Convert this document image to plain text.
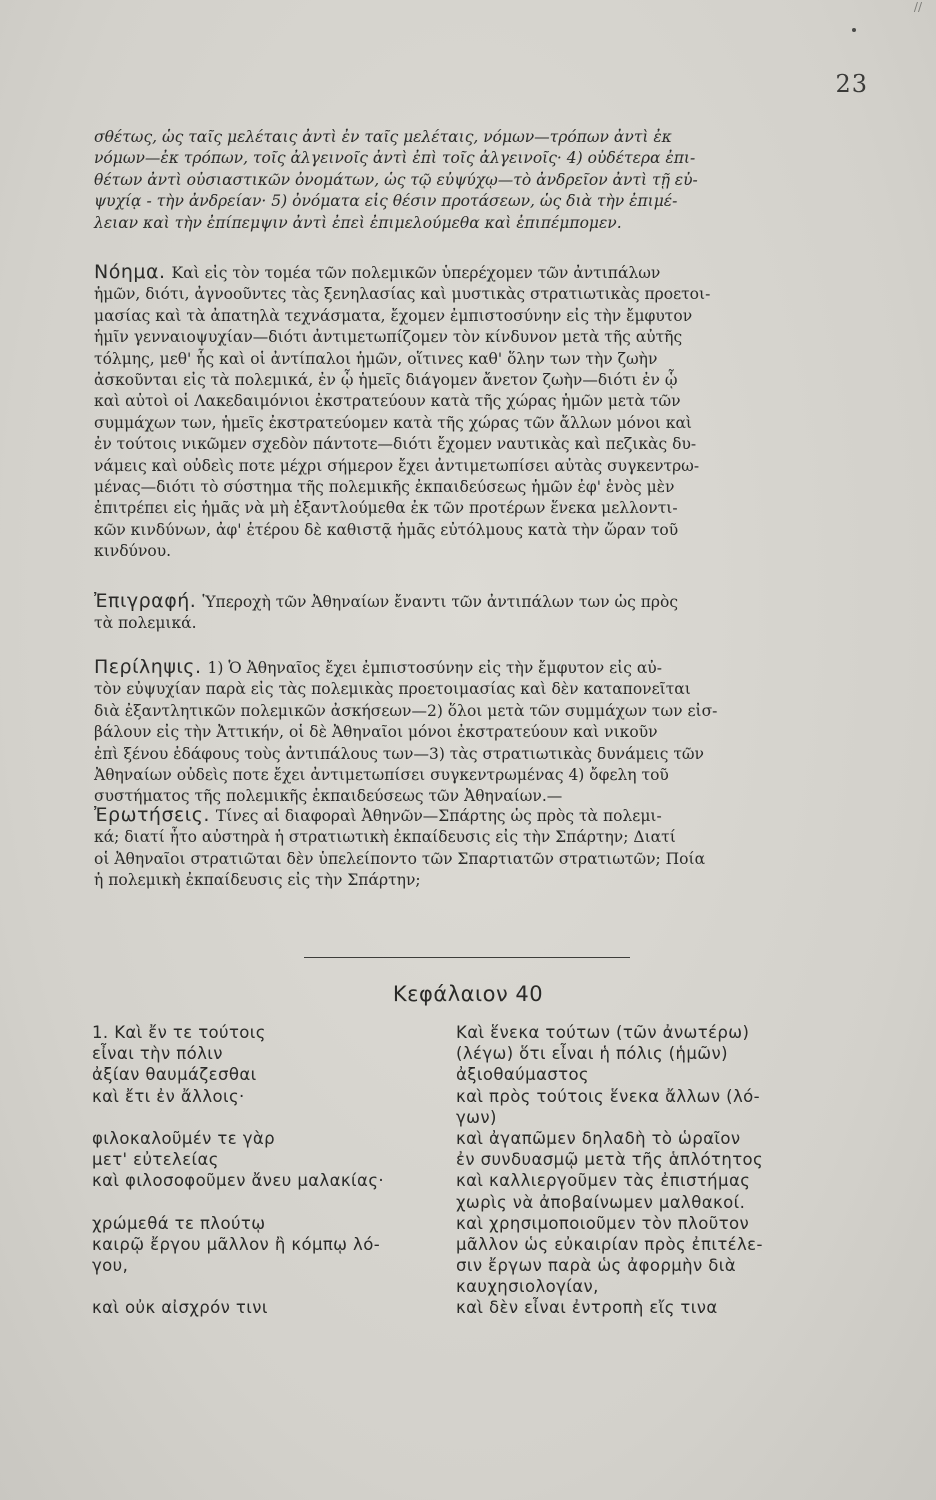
//
23
σθέτως, ὡς ταῖς μελέταις ἀντὶ ἐν ταῖς μελέταις, νόμων—τρόπων ἀντὶ ἐκ
νόμων—ἐκ τρόπων, τοῖς ἀλγεινοῖς ἀντὶ ἐπὶ τοῖς ἀλγεινοῖς· 4) οὐδέτερα ἐπι-
θέτων ἀντὶ οὐσιαστικῶν ὀνομάτων, ὡς τῷ εὐψύχῳ—τὸ ἀνδρεῖον ἀντὶ τῇ εὐ-
ψυχίᾳ - τὴν ἀνδρείαν· 5) ὀνόματα εἰς θέσιν προτάσεων, ὡς διὰ τὴν ἐπιμέ-
λειαν καὶ τὴν ἐπίπεμψιν ἀντὶ ἐπεὶ ἐπιμελούμεθα καὶ ἐπιπέμπομεν.
Νόημα. Καὶ εἰς τὸν τομέα τῶν πολεμικῶν ὑπερέχομεν τῶν ἀντιπάλων
ἡμῶν, διότι, ἀγνοοῦντες τὰς ξενηλασίας καὶ μυστικὰς στρατιωτικὰς προετοι-
μασίας καὶ τὰ ἀπατηλὰ τεχνάσματα, ἔχομεν ἐμπιστοσύνην εἰς τὴν ἔμφυτον
ἡμῖν γενναιοψυχίαν—διότι ἀντιμετωπίζομεν τὸν κίνδυνον μετὰ τῆς αὐτῆς
τόλμης, μεθ' ἧς καὶ οἱ ἀντίπαλοι ἡμῶν, οἵτινες καθ' ὅλην των τὴν ζωὴν
ἀσκοῦνται εἰς τὰ πολεμικά, ἐν ᾧ ἡμεῖς διάγομεν ἄνετον ζωὴν—διότι ἐν ᾧ
καὶ αὐτοὶ οἱ Λακεδαιμόνιοι ἐκστρατεύουν κατὰ τῆς χώρας ἡμῶν μετὰ τῶν
συμμάχων των, ἡμεῖς ἐκστρατεύομεν κατὰ τῆς χώρας τῶν ἄλλων μόνοι καὶ
ἐν τούτοις νικῶμεν σχεδὸν πάντοτε—διότι ἔχομεν ναυτικὰς καὶ πεζικὰς δυ-
νάμεις καὶ οὐδεὶς ποτε μέχρι σήμερον ἔχει ἀντιμετωπίσει αὐτὰς συγκεντρω-
μένας—διότι τὸ σύστημα τῆς πολεμικῆς ἐκπαιδεύσεως ἡμῶν ἐφ' ἑνὸς μὲν
ἐπιτρέπει εἰς ἡμᾶς νὰ μὴ ἐξαντλούμεθα ἐκ τῶν προτέρων ἕνεκα μελλοντι-
κῶν κινδύνων, ἀφ' ἑτέρου δὲ καθιστᾷ ἡμᾶς εὐτόλμους κατὰ τὴν ὥραν τοῦ
κινδύνου.
Ἐπιγραφή. Ὑπεροχὴ τῶν Ἀθηναίων ἔναντι τῶν ἀντιπάλων των ὡς πρὸς
τὰ πολεμικά.
Περίληψις. 1) Ὁ Ἀθηναῖος ἔχει ἐμπιστοσύνην εἰς τὴν ἔμφυτον εἰς αὐ-
τὸν εὐψυχίαν παρὰ εἰς τὰς πολεμικὰς προετοιμασίας καὶ δὲν καταπονεῖται
διὰ ἐξαντλητικῶν πολεμικῶν ἀσκήσεων—2) ὅλοι μετὰ τῶν συμμάχων των εἰσ-
βάλουν εἰς τὴν Ἀττικήν, οἱ δὲ Ἀθηναῖοι μόνοι ἐκστρατεύουν καὶ νικοῦν
ἐπὶ ξένου ἐδάφους τοὺς ἀντιπάλους των—3) τὰς στρατιωτικὰς δυνάμεις τῶν
Ἀθηναίων οὐδεὶς ποτε ἔχει ἀντιμετωπίσει συγκεντρωμένας 4) ὄφελη τοῦ
συστήματος τῆς πολεμικῆς ἐκπαιδεύσεως τῶν Ἀθηναίων.—
Ἐρωτήσεις. Τίνες αἱ διαφοραὶ Ἀθηνῶν—Σπάρτης ὡς πρὸς τὰ πολεμι-
κά; διατί ἦτο αὐστηρὰ ἡ στρατιωτικὴ ἐκπαίδευσις εἰς τὴν Σπάρτην; Διατί
οἱ Ἀθηναῖοι στρατιῶται δὲν ὑπελείποντο τῶν Σπαρτιατῶν στρατιωτῶν; Ποία
ἡ πολεμικὴ ἐκπαίδευσις εἰς τὴν Σπάρτην;
Κεφάλαιον 40
1. Καὶ ἔν τε τούτοις
εἶναι τὴν πόλιν
ἀξίαν θαυμάζεσθαι
καὶ ἔτι ἐν ἄλλοις·
φιλοκαλοῦμέν τε γὰρ
μετ' εὐτελείας
καὶ φιλοσοφοῦμεν ἄνευ μαλακίας·
χρώμεθά τε πλούτῳ
καιρῷ ἔργου μᾶλλον ἢ κόμπῳ λό-
γου,
καὶ οὐκ αἰσχρόν τινι
Καὶ ἕνεκα τούτων (τῶν ἀνωτέρω)
(λέγω) ὅτι εἶναι ἡ πόλις (ἡμῶν)
ἀξιοθαύμαστος
καὶ πρὸς τούτοις ἕνεκα ἄλλων (λό-
γων)
καὶ ἀγαπῶμεν δηλαδὴ τὸ ὡραῖον
ἐν συνδυασμῷ μετὰ τῆς ἁπλότητος
καὶ καλλιεργοῦμεν τὰς ἐπιστήμας
χωρὶς νὰ ἀποβαίνωμεν μαλθακοί.
καὶ χρησιμοποιοῦμεν τὸν πλοῦτον
μᾶλλον ὡς εὐκαιρίαν πρὸς ἐπιτέλε-
σιν ἔργων παρὰ ὡς ἀφορμὴν διὰ
καυχησιολογίαν,
καὶ δὲν εἶναι ἐντροπὴ εἴς τινα
